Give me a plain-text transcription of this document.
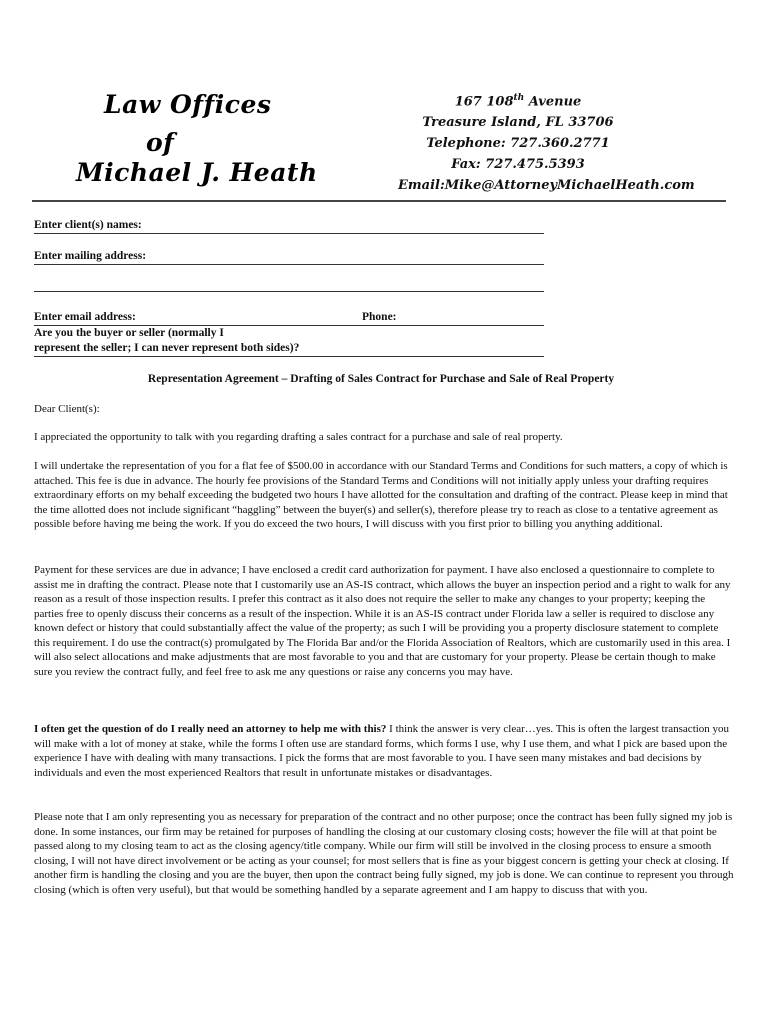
Law Offices
of
Michael J. Heath
167 108th Avenue
Treasure Island, FL 33706
Telephone: 727.360.2771
Fax: 727.475.5393
Email:Mike@AttorneyMichaelHeath.com
Enter client(s) names:
Enter mailing address:
Enter email address:	Phone:
Are you the buyer or seller (normally I
represent the seller; I can never represent both sides)?
Representation Agreement – Drafting of Sales Contract for Purchase and Sale of Real Property

Dear Client(s):

I appreciated the opportunity to talk with you regarding drafting a sales contract for a purchase and sale of real property.

I will undertake the representation of you for a flat fee of $500.00 in accordance with our Standard Terms and Conditions for such matters, a copy of which is attached. This fee is due in advance. The hourly fee provisions of the Standard Terms and Conditions will not initially apply unless your drafting requires extraordinary efforts on my behalf exceeding the budgeted two hours I have allotted for the consultation and drafting of the contract. Please keep in mind that the time allotted does not include significant “haggling” between the buyer(s) and seller(s), therefore please try to reach as close to a tentative agreement as possible before having me being the work. If you do exceed the two hours, I will discuss with you first prior to billing you anything additional.

Payment for these services are due in advance; I have enclosed a credit card authorization for payment. I have also enclosed a questionnaire to complete to assist me in drafting the contract. Please note that I customarily use an AS-IS contract, which allows the buyer an inspection period and a right to walk for any reason as a result of those inspection results. I prefer this contract as it also does not require the seller to make any changes to your property; keeping the parties free to openly discuss their concerns as a result of the inspection. While it is an AS-IS contract under Florida law a seller is required to disclose any known defect or history that could substantially affect the value of the property; as such I will be providing you a property disclosure statement to complete this requirement. I do use the contract(s) promulgated by The Florida Bar and/or the Florida Association of Realtors, which are customarily used in this area. I will also select allocations and make adjustments that are most favorable to you and that are customary for your property. Please be certain though to make sure you review the contract fully, and feel free to ask me any questions or raise any concerns you may have.

I often get the question of do I really need an attorney to help me with this? I think the answer is very clear…yes. This is often the largest transaction you will make with a lot of money at stake, while the forms I often use are standard forms, which forms I use, why I use them, and what I pick are based upon the experience I have with dealing with many transactions. I pick the forms that are most favorable to you. I have seen many mistakes and bad decisions by individuals and even the most experienced Realtors that result in unfortunate mistakes or disadvantages.

Please note that I am only representing you as necessary for preparation of the contract and no other purpose; once the contract has been fully signed my job is done. In some instances, our firm may be retained for purposes of handling the closing at our customary closing costs; however the file will at that point be passed along to my closing team to act as the closing agency/title company. While our firm will still be involved in the closing process to ensure a smooth closing, I will not have direct involvement or be acting as your counsel; for most sellers that is fine as your biggest concern is getting your check at closing. If another firm is handling the closing and you are the buyer, then upon the contract being fully signed, my job is done. We can continue to represent you through closing (which is often very useful), but that would be something handled by a separate agreement and I am happy to discuss that with you.
